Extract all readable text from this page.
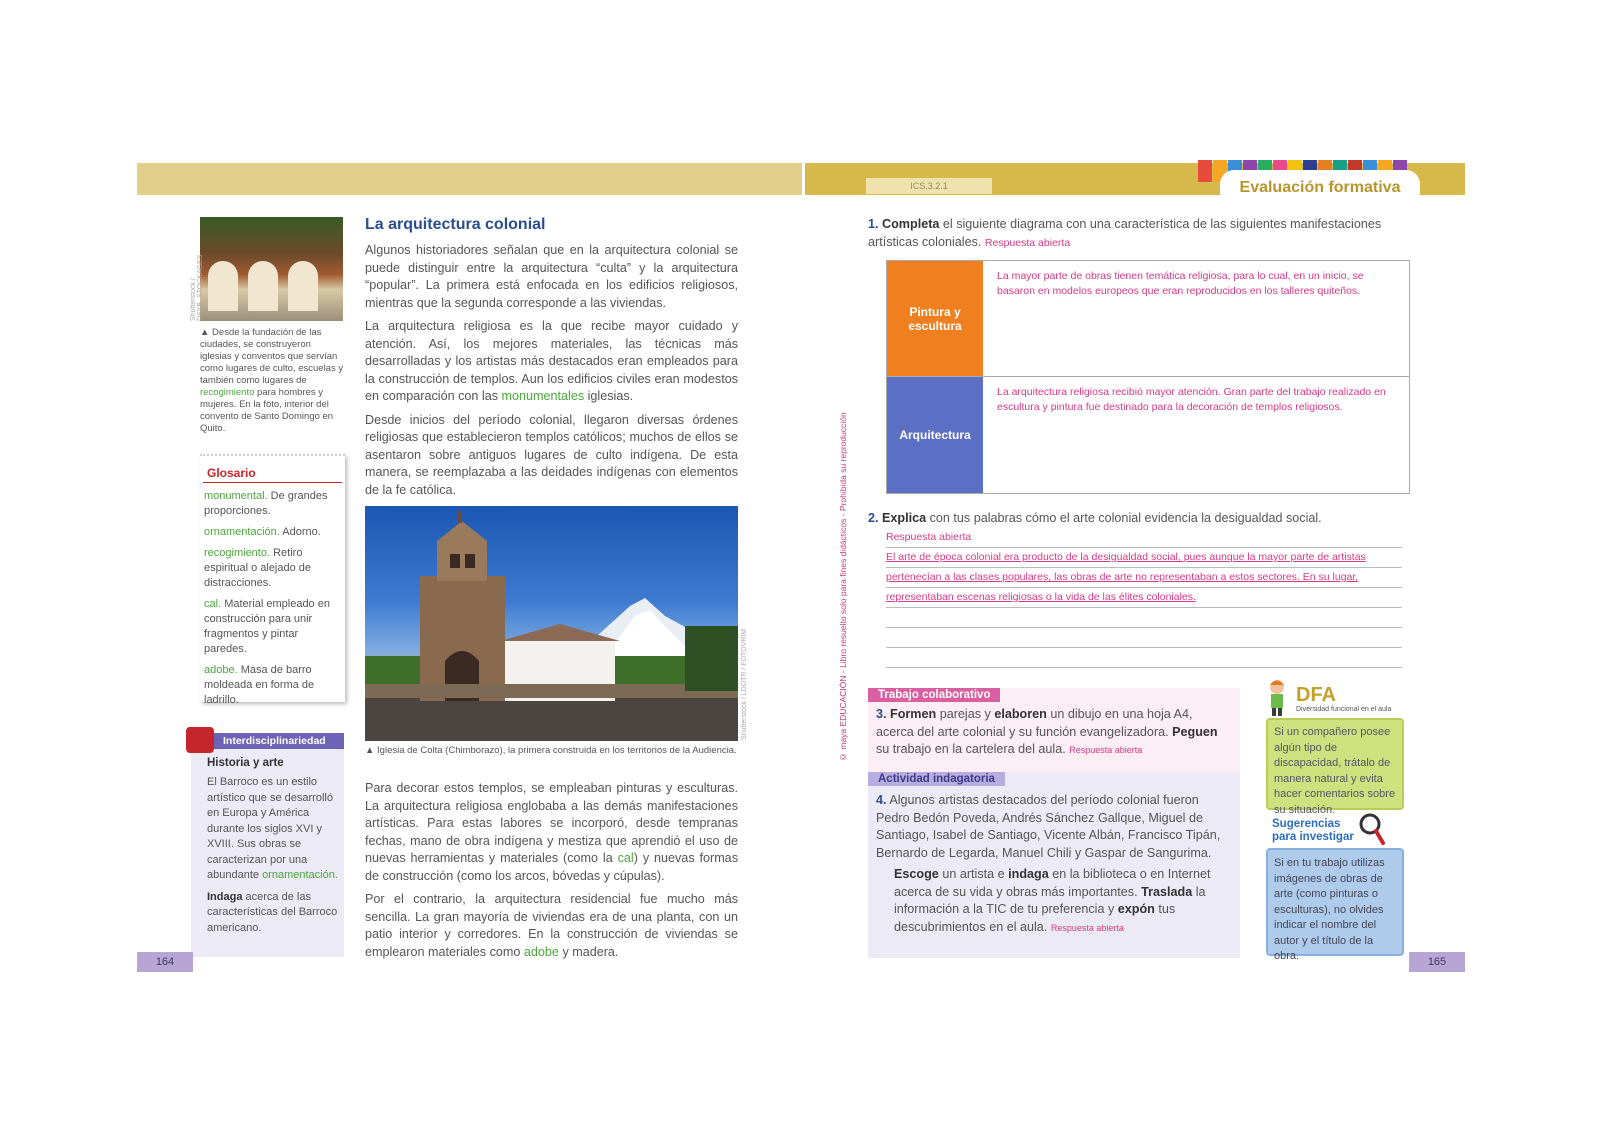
ICS.3.2.1	Evaluación formativa
Shutterstock / DSYB_STOCKAGES
▲ Desde la fundación de las ciudades, se construyeron iglesias y conventos que servían como lugares de culto, escuelas y también como lugares de recogimiento para hombres y mujeres. En la foto, interior del convento de Santo Domingo en Quito.
Glosario
monumental. De grandes proporciones.
ornamentación. Adorno.
recogimiento. Retiro espiritual o alejado de distracciones.
cal. Material empleado en construcción para unir fragmentos y pintar paredes.
adobe. Masa de barro moldeada en forma de ladrillo.
Interdisciplinariedad
Historia y arte

El Barroco es un estilo artístico que se desarrolló en Europa y América durante los siglos XVI y XVIII. Sus obras se caracterizan por una abundante ornamentación.

Indaga acerca de las características del Barroco americano.

164
La arquitectura colonial

Algunos historiadores señalan que en la arquitectura colonial se puede distinguir entre la arquitectura “culta” y la arquitectura “popular”. La primera está enfocada en los edificios religiosos, mientras que la segunda corresponde a las viviendas.

La arquitectura religiosa es la que recibe mayor cuidado y atención. Así, los mejores materiales, las técnicas más desarrolladas y los artistas más destacados eran empleados para la construcción de templos. Aun los edificios civiles eran modestos en comparación con las monumentales iglesias.

Desde inicios del período colonial, llegaron diversas órdenes religiosas que establecieron templos católicos; muchos de ellos se asentaron sobre antiguos lugares de culto indígena. De esta manera, se reemplazaba a las deidades indígenas con elementos de la fe católica.

Shutterstock / LDOTR / FOTOVRIM
▲ Iglesia de Colta (Chimborazo), la primera construida en los territorios de la Audiencia.

Para decorar estos templos, se empleaban pinturas y esculturas. La arquitectura religiosa englobaba a las demás manifestaciones artísticas. Para estas labores se incorporó, desde tempranas fechas, mano de obra indígena y mestiza que aprendió el uso de nuevas herramientas y materiales (como la cal) y nuevas formas de construcción (como los arcos, bóvedas y cúpulas).

Por el contrario, la arquitectura residencial fue mucho más sencilla. La gran mayoría de viviendas era de una planta, con un patio interior y corredores. En la construcción de viviendas se emplearon materiales como adobe y madera.

© maya EDUCACIÓN - Libro resuelto solo para fines didácticos - Prohibida su reproducción
1. Completa el siguiente diagrama con una característica de las siguientes manifestaciones artísticas coloniales. Respuesta abierta
Pintura y escultura
La mayor parte de obras tienen temática religiosa, para lo cual, en un inicio, se basaron en modelos europeos que eran reproducidos en los talleres quiteños.
Arquitectura
La arquitectura religiosa recibió mayor atención. Gran parte del trabajo realizado en escultura y pintura fue destinado para la decoración de templos religiosos.
2. Explica con tus palabras cómo el arte colonial evidencia la desigualdad social.
Respuesta abierta
El arte de época colonial era producto de la desigualdad social, pues aunque la mayor parte de artistas
pertenecían a las clases populares, las obras de arte no representaban a estos sectores. En su lugar,
representaban escenas religiosas o la vida de las élites coloniales.
Trabajo colaborativo
3. Formen parejas y elaboren un dibujo en una hoja A4, acerca del arte colonial y su función evangelizadora. Peguen su trabajo en la cartelera del aula. Respuesta abierta
Actividad indagatoria
4. Algunos artistas destacados del período colonial fueron Pedro Bedón Poveda, Andrés Sánchez Gallque, Miguel de Santiago, Isabel de Santiago, Vicente Albán, Francisco Tipán, Bernardo de Legarda, Manuel Chili y Gaspar de Sangurima.
Escoge un artista e indaga en la biblioteca o en Internet acerca de su vida y obras más importantes. Traslada la información a la TIC de tu preferencia y expón tus descubrimientos en el aula. Respuesta abierta
DFA
Diversidad funcional en el aula
Si un compañero posee algún tipo de discapacidad, trátalo de manera natural y evita hacer comentarios sobre su situación.
Sugerencias
para investigar
Si en tu trabajo utilizas imágenes de obras de arte (como pinturas o esculturas), no olvides indicar el nombre del autor y el título de la obra.	165
